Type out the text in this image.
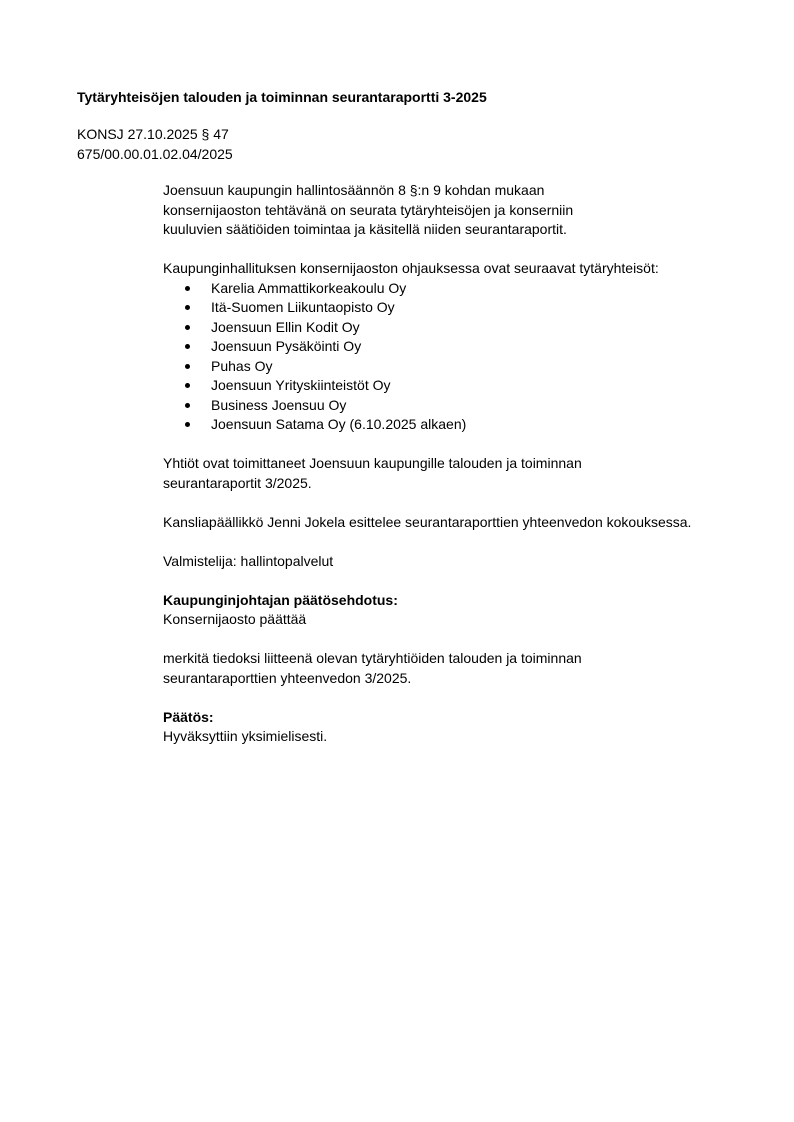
Tytäryhteisöjen talouden ja toiminnan seurantaraportti 3-2025
KONSJ 27.10.2025 § 47
675/00.00.01.02.04/2025
Joensuun kaupungin hallintosäännön 8 §:n 9 kohdan mukaan
konsernijaoston tehtävänä on seurata tytäryhteisöjen ja konserniin
kuuluvien säätiöiden toimintaa ja käsitellä niiden seurantaraportit.
Kaupunginhallituksen konsernijaoston ohjauksessa ovat seuraavat tytäryhteisöt:
Karelia Ammattikorkeakoulu Oy
Itä-Suomen Liikuntaopisto Oy
Joensuun Ellin Kodit Oy
Joensuun Pysäköinti Oy
Puhas Oy
Joensuun Yrityskiinteistöt Oy
Business Joensuu Oy
Joensuun Satama Oy (6.10.2025 alkaen)
Yhtiöt ovat toimittaneet Joensuun kaupungille talouden ja toiminnan
seurantaraportit 3/2025.
Kansliapäällikkö Jenni Jokela esittelee seurantaraporttien yhteenvedon kokouksessa.
Valmistelija: hallintopalvelut
Kaupunginjohtajan päätösehdotus:
Konsernijaosto päättää
merkitä tiedoksi liitteenä olevan tytäryhtiöiden talouden ja toiminnan
seurantaraporttien yhteenvedon 3/2025.
Päätös:
Hyväksyttiin yksimielisesti.
